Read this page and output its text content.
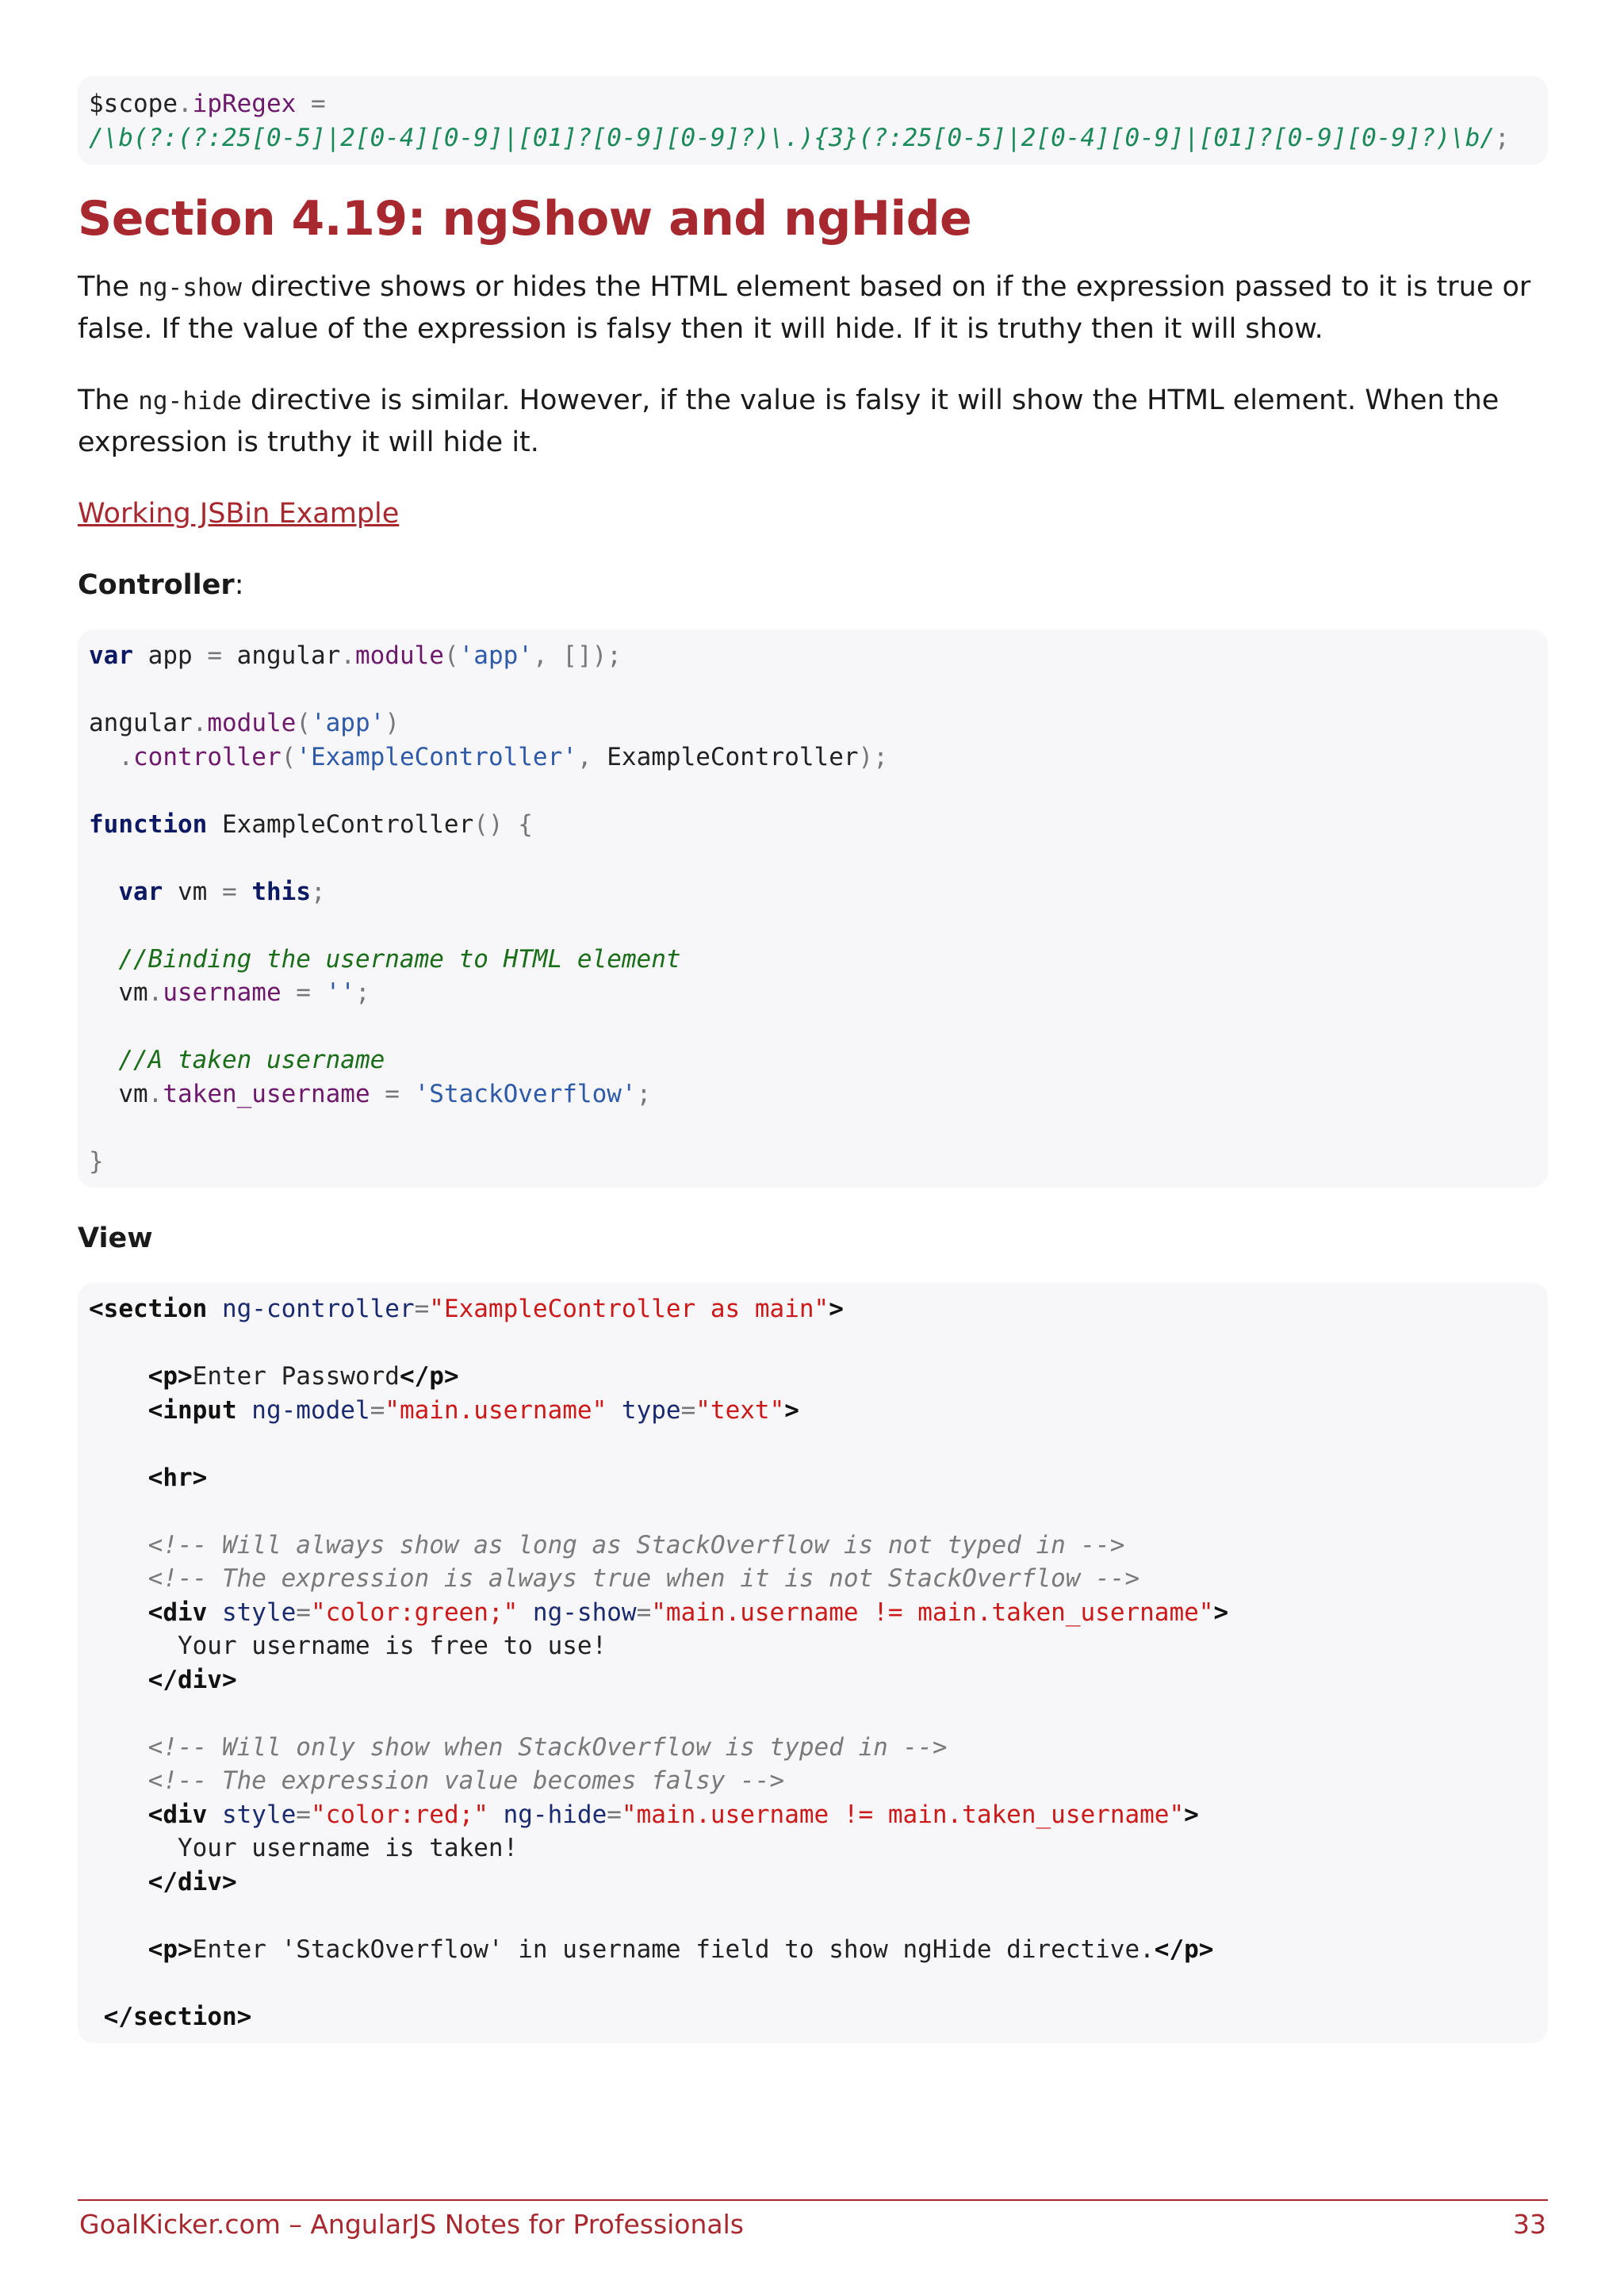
$scope.ipRegex =
/\b(?:(?:25[0-5]|2[0-4][0-9]|[01]?[0-9][0-9]?)\.){3}(?:25[0-5]|2[0-4][0-9]|[01]?[0-9][0-9]?)\b/;
Section 4.19: ngShow and ngHide

The ng-show directive shows or hides the HTML element based on if the expression passed to it is true or false. If the value of the expression is falsy then it will hide. If it is truthy then it will show.

The ng-hide directive is similar. However, if the value is falsy it will show the HTML element. When the expression is truthy it will hide it.

Working JSBin Example

Controller:

var app = angular.module('app', []);
angular.module('app')
.controller('ExampleController', ExampleController);
function ExampleController() {
var vm = this;
//Binding the username to HTML element
vm.username = '';
//A taken username
vm.taken_username = 'StackOverflow';
}

View

<section ng-controller="ExampleController as main">
<p>Enter Password</p>
<input ng-model="main.username" type="text">
<hr>
<!-- Will always show as long as StackOverflow is not typed in -->
<!-- The expression is always true when it is not StackOverflow -->
<div style="color:green;" ng-show="main.username != main.taken_username">
Your username is free to use!
</div>
<!-- Will only show when StackOverflow is typed in -->
<!-- The expression value becomes falsy -->
<div style="color:red;" ng-hide="main.username != main.taken_username">
Your username is taken!
</div>
<p>Enter 'StackOverflow' in username field to show ngHide directive.</p>
</section>
GoalKicker.com – AngularJS Notes for Professionals	33
